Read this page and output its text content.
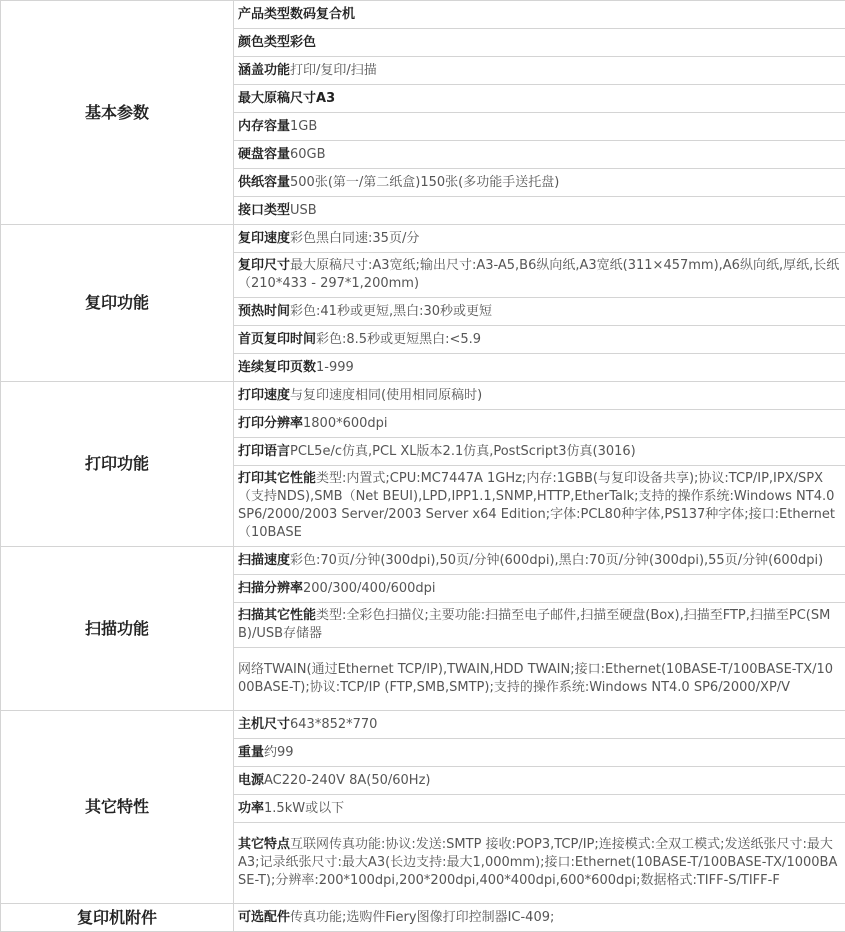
基本参数	产品类型数码复合机
	颜色类型彩色
	涵盖功能打印/复印/扫描
	最大原稿尺寸A3
	内存容量1GB
	硬盘容量60GB
	供纸容量500张(第一/第二纸盒)150张(多功能手送托盘)
	接口类型USB
复印功能	复印速度彩色黑白同速:35页/分
	复印尺寸最大原稿尺寸:A3宽纸;输出尺寸:A3-A5,B6纵向纸,A3宽纸(311×457mm),A6纵向纸,厚纸,长纸（210*433 - 297*1,200mm)
	预热时间彩色:41秒或更短,黑白:30秒或更短
	首页复印时间彩色:8.5秒或更短黑白:<5.9
	连续复印页数1-999
打印功能	打印速度与复印速度相同(使用相同原稿时)
	打印分辨率1800*600dpi
	打印语言PCL5e/c仿真,PCL XL版本2.1仿真,PostScript3仿真(3016)
	打印其它性能类型:内置式;CPU:MC7447A 1GHz;内存:1GBB(与复印设备共享);协议:TCP/IP,IPX/SPX（支持NDS),SMB（Net BEUI),LPD,IPP1.1,SNMP,HTTP,EtherTalk;支持的操作系统:Windows NT4.0 SP6/2000/2003 Server/2003 Server x64 Edition;字体:PCL80种字体,PS137种字体;接口:Ethernet（10BASE
扫描功能	扫描速度彩色:70页/分钟(300dpi),50页/分钟(600dpi),黑白:70页/分钟(300dpi),55页/分钟(600dpi)
	扫描分辨率200/300/400/600dpi
	扫描其它性能类型:全彩色扫描仪;主要功能:扫描至电子邮件,扫描至硬盘(Box),扫描至FTP,扫描至PC(SMB)/USB存储器
	网络TWAIN(通过Ethernet TCP/IP),TWAIN,HDD TWAIN;接口:Ethernet(10BASE-T/100BASE-TX/1000BASE-T);协议:TCP/IP (FTP,SMB,SMTP);支持的操作系统:Windows NT4.0 SP6/2000/XP/V
其它特性	主机尺寸643*852*770
	重量约99
	电源AC220-240V 8A(50/60Hz)
	功率1.5kW或以下
	其它特点互联网传真功能:协议:发送:SMTP 接收:POP3,TCP/IP;连接模式:全双工模式;发送纸张尺寸:最大A3;记录纸张尺寸:最大A3(长边支持:最大1,000mm);接口:Ethernet(10BASE-T/100BASE-TX/1000BASE-T);分辨率:200*100dpi,200*200dpi,400*400dpi,600*600dpi;数据格式:TIFF-S/TIFF-F
复印机附件	可选配件传真功能;选购件Fiery图像打印控制器IC-409;
